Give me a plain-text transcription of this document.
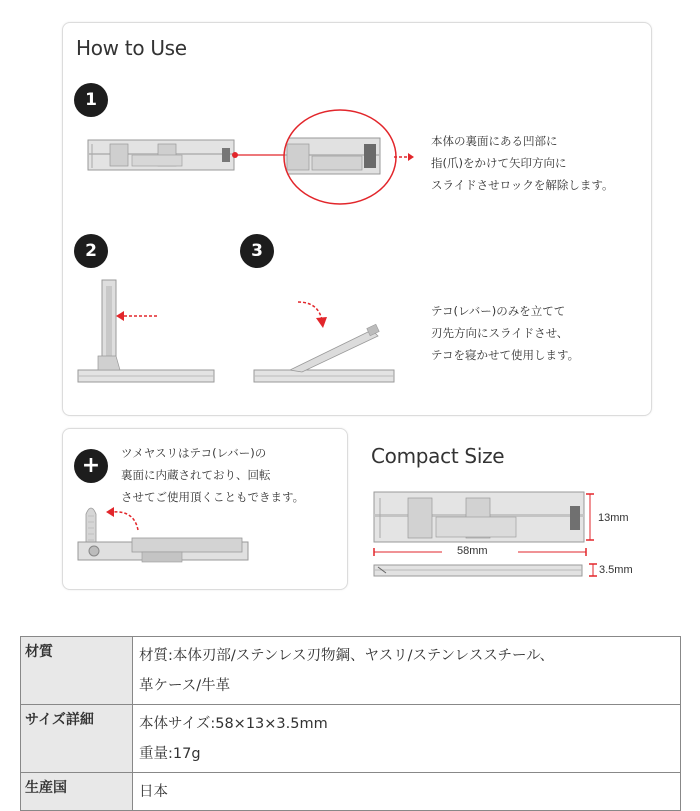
How to Use
1
本体の裏面にある凹部に
指(爪)をかけて矢印方向に
スライドさせロックを解除します。
2	3
テコ(レバー)のみを立てて
刃先方向にスライドさせ、
テコを寝かせて使用します。
+	ツメヤスリはテコ(レバー)の
裏面に内蔵されており、回転
させてご使用頂くこともできます。
Compact Size
13mm
58mm
3.5mm
材質	材質:本体刃部/ステンレス刃物鋼、ヤスリ/ステンレススチール、
革ケース/牛革

サイズ詳細	本体サイズ:58×13×3.5mm
重量:17g

生産国	日本
